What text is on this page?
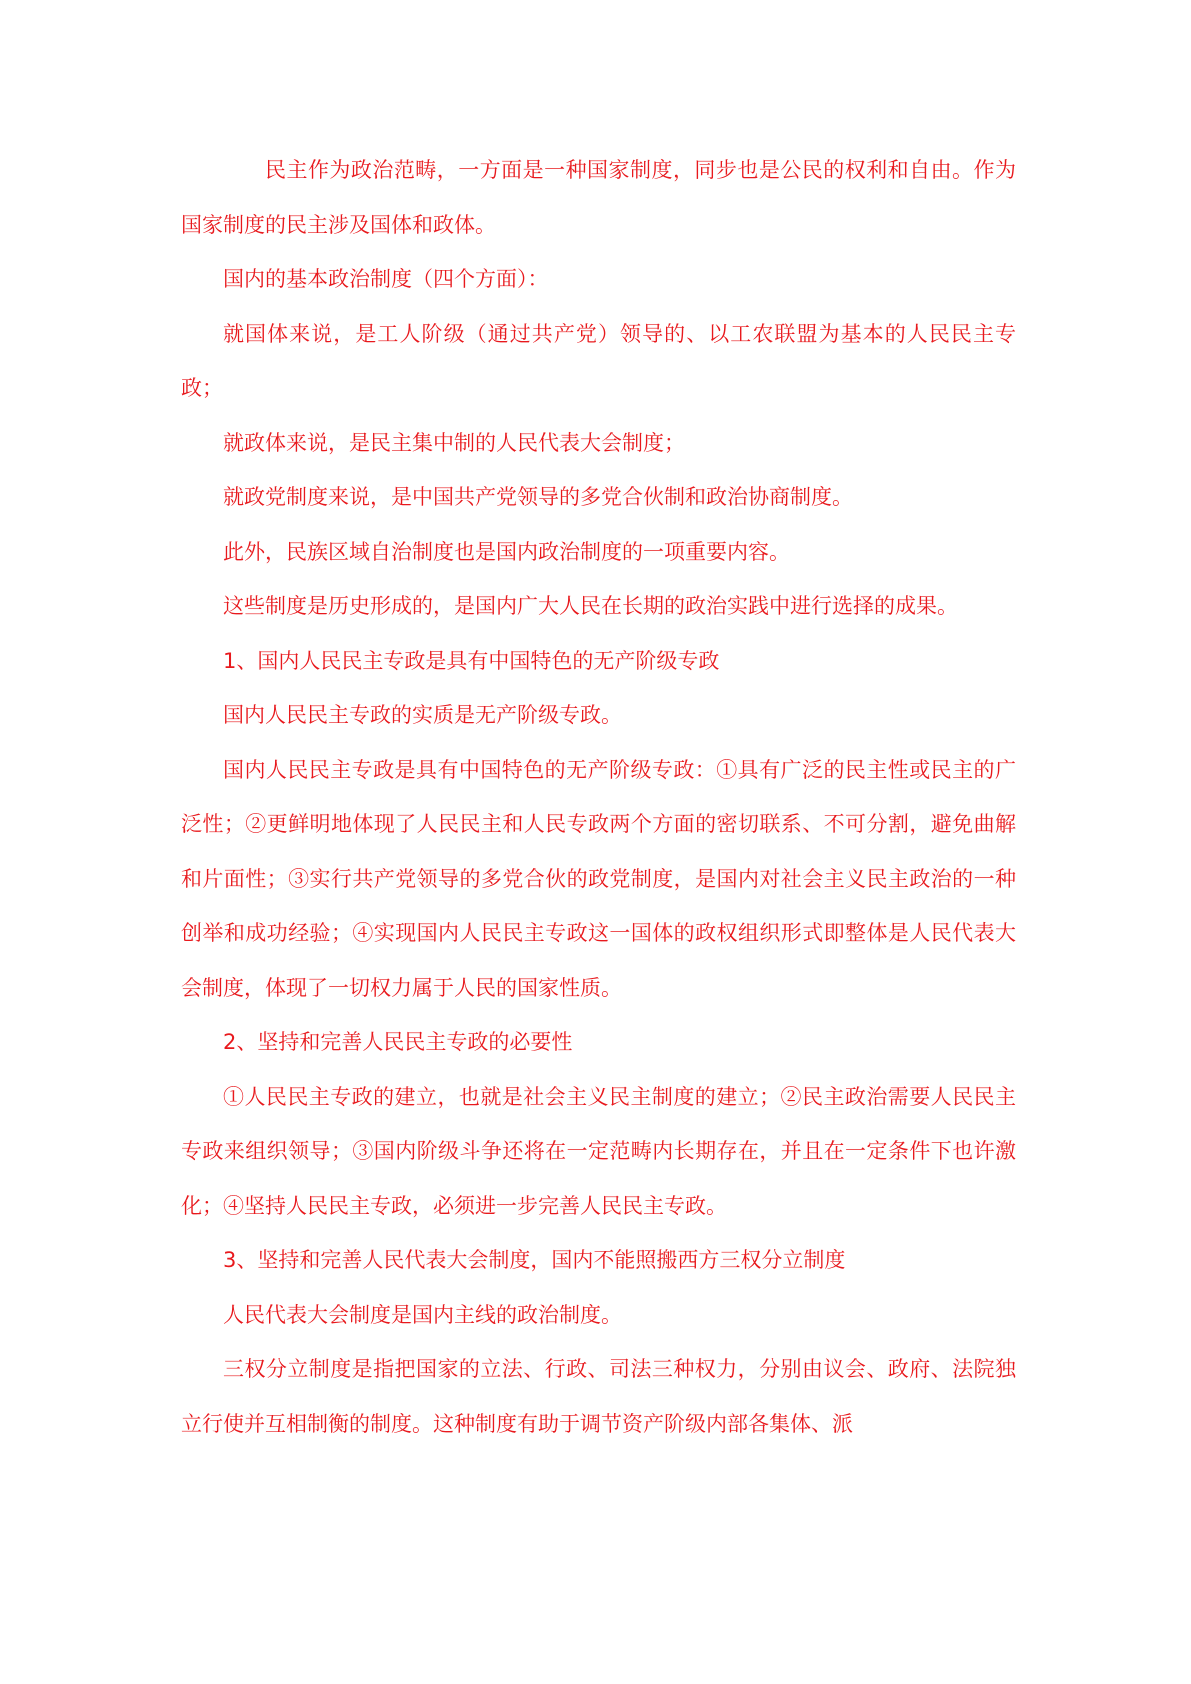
民主作为政治范畴，一方面是一种国家制度，同步也是公民的权利和自由。作为国家制度的民主涉及国体和政体。

国内的基本政治制度（四个方面）：

就国体来说，是工人阶级（通过共产党）领导的、以工农联盟为基本的人民民主专政；

就政体来说，是民主集中制的人民代表大会制度；

就政党制度来说，是中国共产党领导的多党合伙制和政治协商制度。

此外，民族区域自治制度也是国内政治制度的一项重要内容。

这些制度是历史形成的，是国内广大人民在长期的政治实践中进行选择的成果。

1、国内人民民主专政是具有中国特色的无产阶级专政

国内人民民主专政的实质是无产阶级专政。

国内人民民主专政是具有中国特色的无产阶级专政：①具有广泛的民主性或民主的广泛性；②更鲜明地体现了人民民主和人民专政两个方面的密切联系、不可分割，避免曲解和片面性；③实行共产党领导的多党合伙的政党制度，是国内对社会主义民主政治的一种创举和成功经验；④实现国内人民民主专政这一国体的政权组织形式即整体是人民代表大会制度，体现了一切权力属于人民的国家性质。

2、坚持和完善人民民主专政的必要性

①人民民主专政的建立，也就是社会主义民主制度的建立；②民主政治需要人民民主专政来组织领导；③国内阶级斗争还将在一定范畴内长期存在，并且在一定条件下也许激化；④坚持人民民主专政，必须进一步完善人民民主专政。

3、坚持和完善人民代表大会制度，国内不能照搬西方三权分立制度

人民代表大会制度是国内主线的政治制度。

三权分立制度是指把国家的立法、行政、司法三种权力，分别由议会、政府、法院独立行使并互相制衡的制度。这种制度有助于调节资产阶级内部各集体、派
